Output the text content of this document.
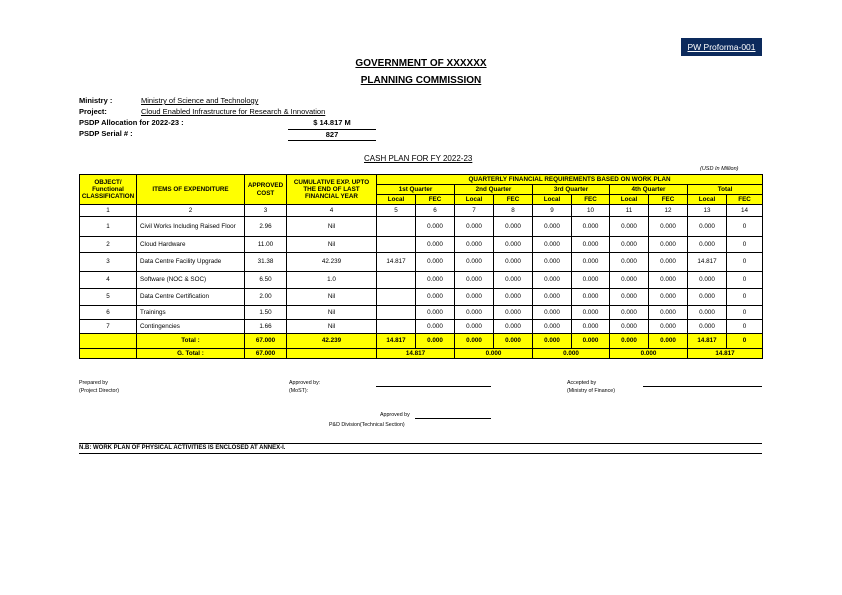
PW Proforma-001
GOVERNMENT OF XXXXXX
PLANNING COMMISSION
Ministry :	Ministry of Science and Technology
Project:	Cloud Enabled Infrastructure for Research & Innovation
PSDP Allocation for 2022-23 :	$ 14.817 M
PSDP Serial # :	827
CASH PLAN FOR FY 2022-23
(USD In Million)
OBJECT/ Functional CLASSIFICATION	ITEMS OF EXPENDITURE	APPROVED COST	CUMULATIVE EXP. UPTO THE END OF LAST FINANCIAL YEAR	QUARTERLY FINANCIAL REQUIREMENTS BASED ON WORK PLAN									
				1st Quarter		2nd Quarter		3rd Quarter		4th Quarter		Total	
				Local	FEC	Local	FEC	Local	FEC	Local	FEC	Local	FEC
1	2	3	4	5	6	7	8	9	10	11	12	13	14
1	Civil Works Including Raised Floor	2.96	Nil		0.000	0.000	0.000	0.000	0.000	0.000	0.000	0.000	0
2	Cloud Hardware	11.00	Nil		0.000	0.000	0.000	0.000	0.000	0.000	0.000	0.000	0
3	Data Centre Facility Upgrade	31.38	42.239	14.817	0.000	0.000	0.000	0.000	0.000	0.000	0.000	14.817	0
4	Software (NOC & SOC)	6.50	1.0		0.000	0.000	0.000	0.000	0.000	0.000	0.000	0.000	0
5	Data Centre Certification	2.00	Nil		0.000	0.000	0.000	0.000	0.000	0.000	0.000	0.000	0
6	Trainings	1.50	Nil		0.000	0.000	0.000	0.000	0.000	0.000	0.000	0.000	0
7	Contingencies	1.66	Nil		0.000	0.000	0.000	0.000	0.000	0.000	0.000	0.000	0
	Total :	67.000	42.239	14.817	0.000	0.000	0.000	0.000	0.000	0.000	0.000	14.817	0
	G. Total :	67.000		14.817		0.000		0.000		0.000		14.817	
Prepared by
(Project Director)
Approved by:
(MoST):
Accepted by
(Ministry of Finance)
Approved by
P&D Division(Technical Section)
N.B: WORK PLAN OF PHYSICAL ACTIVITIES IS ENCLOSED AT ANNEX-I.
